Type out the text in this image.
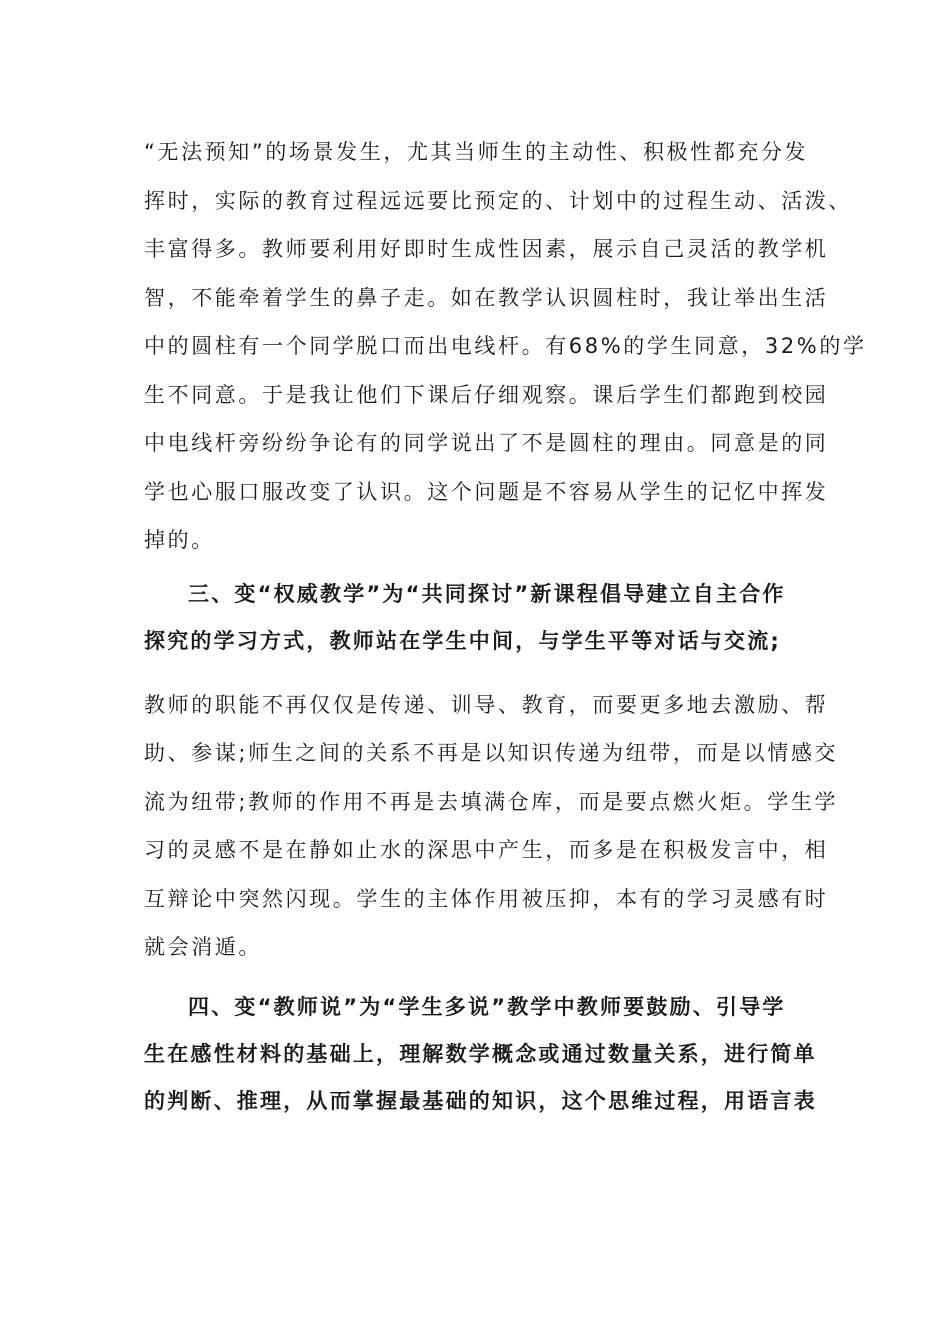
“无法预知”的场景发生，尤其当师生的主动性、积极性都充分发
挥时，实际的教育过程远远要比预定的、计划中的过程生动、活泼、
丰富得多。教师要利用好即时生成性因素，展示自己灵活的教学机
智，不能牵着学生的鼻子走。如在教学认识圆柱时，我让举出生活
中的圆柱有一个同学脱口而出电线杆。有68%的学生同意，32%的学
生不同意。于是我让他们下课后仔细观察。课后学生们都跑到校园
中电线杆旁纷纷争论有的同学说出了不是圆柱的理由。同意是的同
学也心服口服改变了认识。这个问题是不容易从学生的记忆中挥发
掉的。
三、变“权威教学”为“共同探讨”新课程倡导建立自主合作
探究的学习方式，教师站在学生中间，与学生平等对话与交流;
教师的职能不再仅仅是传递、训导、教育，而要更多地去激励、帮
助、参谋;师生之间的关系不再是以知识传递为纽带，而是以情感交
流为纽带;教师的作用不再是去填满仓库，而是要点燃火炬。学生学
习的灵感不是在静如止水的深思中产生，而多是在积极发言中，相
互辩论中突然闪现。学生的主体作用被压抑，本有的学习灵感有时
就会消遁。
四、变“教师说”为“学生多说”教学中教师要鼓励、引导学
生在感性材料的基础上，理解数学概念或通过数量关系，进行简单
的判断、推理，从而掌握最基础的知识，这个思维过程，用语言表
